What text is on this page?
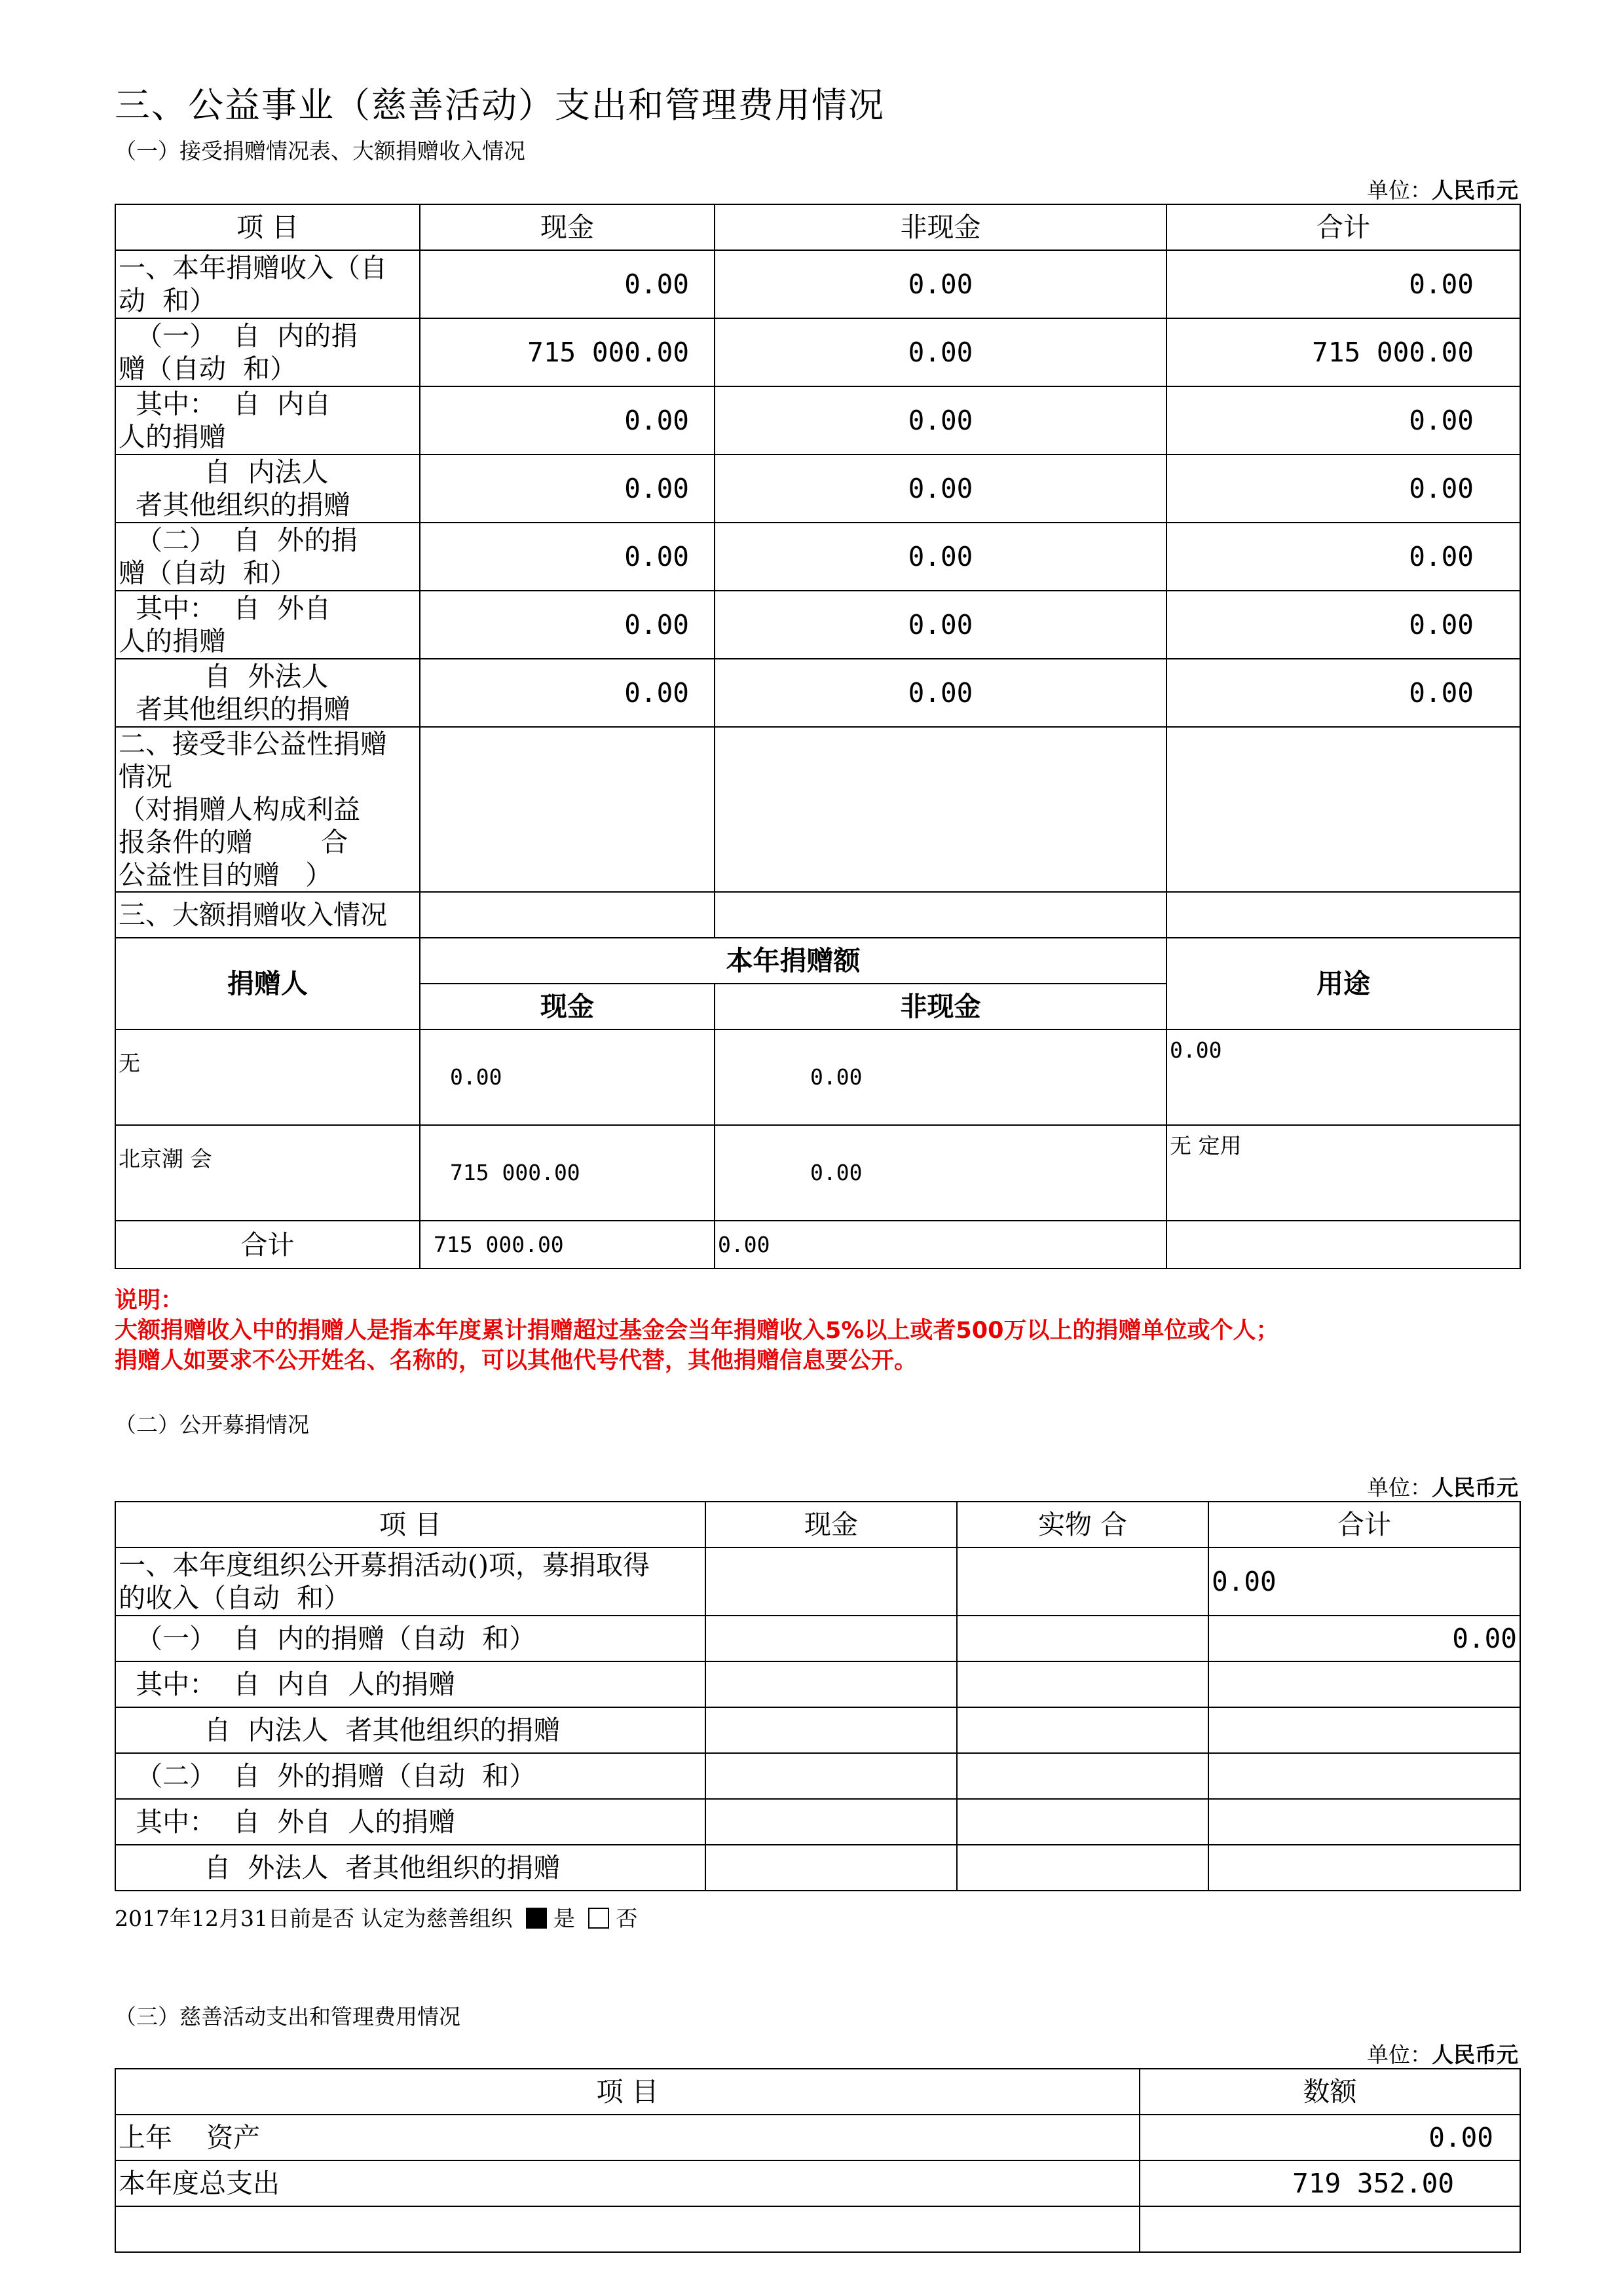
三、公益事业（慈善活动）支出和管理费用情况
（一）接受捐赠情况表、大额捐赠收入情况
单位：人民币元
项 目	现金	非现金	合计
一、本年捐赠收入（自
动  和）	0.00	0.00	0.00
（一）  自  内的捐
赠（自动  和）	715 000.00	0.00	715 000.00
其中：  自  内自
人的捐赠	0.00	0.00	0.00
自  内法人
者其他组织的捐赠	0.00	0.00	0.00
（二）  自  外的捐
赠（自动  和）	0.00	0.00	0.00
其中：  自  外自
人的捐赠	0.00	0.00	0.00
自  外法人
者其他组织的捐赠	0.00	0.00	0.00
二、接受非公益性捐赠
情况
（对捐赠人构成利益
报条件的赠        合
公益性目的赠   ）			
三、大额捐赠收入情况			
捐赠人	本年捐赠额		用途
	现金	非现金	
无	0.00	0.00	0.00
北京潮 会	715 000.00	0.00	无 定用
合计	715 000.00	0.00	
说明：
大额捐赠收入中的捐赠人是指本年度累计捐赠超过基金会当年捐赠收入5%以上或者500万以上的捐赠单位或个人；
捐赠人如要求不公开姓名、名称的，可以其他代号代替，其他捐赠信息要公开。
（二）公开募捐情况
单位：人民币元
项 目	现金	实物 合	合计
一、本年度组织公开募捐活动()项，募捐取得
的收入（自动  和）			0.00
（一）  自  内的捐赠（自动  和）			0.00
其中：  自  内自  人的捐赠			
自  内法人  者其他组织的捐赠			
（二）  自  外的捐赠（自动  和）			
其中：  自  外自  人的捐赠			
自  外法人  者其他组织的捐赠			
2017年12月31日前是否 认定为慈善组织 是 否
（三）慈善活动支出和管理费用情况
单位：人民币元
项 目	数额
上年    资产	0.00
本年度总支出	719 352.00
